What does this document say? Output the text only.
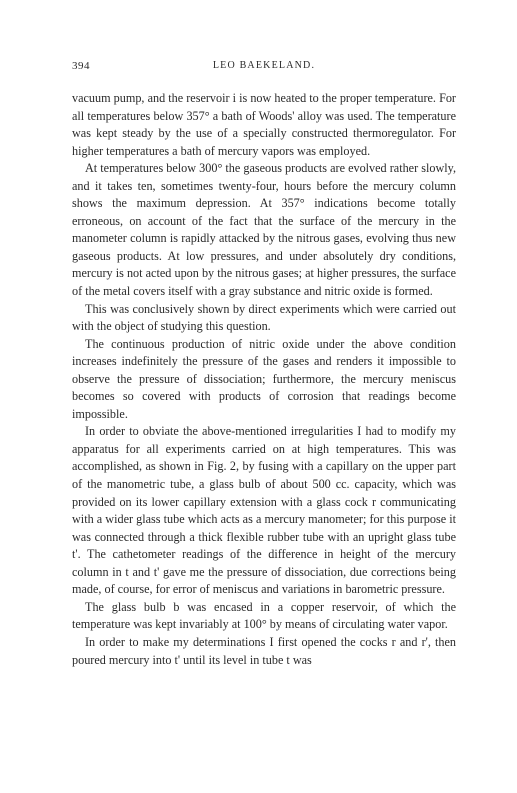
394	LEO BAEKELAND.

vacuum pump, and the reservoir i is now heated to the proper temperature. For all temperatures below 357° a bath of Woods' alloy was used. The temperature was kept steady by the use of a specially constructed thermoregulator. For higher temperatures a bath of mercury vapors was employed.

At temperatures below 300° the gaseous products are evolved rather slowly, and it takes ten, sometimes twenty-four, hours before the mercury column shows the maximum depression. At 357° indications become totally erroneous, on account of the fact that the surface of the mercury in the manometer column is rapidly attacked by the nitrous gases, evolving thus new gaseous products. At low pressures, and under absolutely dry conditions, mercury is not acted upon by the nitrous gases; at higher pressures, the surface of the metal covers itself with a gray substance and nitric oxide is formed.

This was conclusively shown by direct experiments which were carried out with the object of studying this question.

The continuous production of nitric oxide under the above condition increases indefinitely the pressure of the gases and renders it impossible to observe the pressure of dissociation; furthermore, the mercury meniscus becomes so covered with products of corrosion that readings become impossible.

In order to obviate the above-mentioned irregularities I had to modify my apparatus for all experiments carried on at high temperatures. This was accomplished, as shown in Fig. 2, by fusing with a capillary on the upper part of the manometric tube, a glass bulb of about 500 cc. capacity, which was provided on its lower capillary extension with a glass cock r communicating with a wider glass tube which acts as a mercury manometer; for this purpose it was connected through a thick flexible rubber tube with an upright glass tube t'. The cathetometer readings of the difference in height of the mercury column in t and t' gave me the pressure of dissociation, due corrections being made, of course, for error of meniscus and variations in barometric pressure.

The glass bulb b was encased in a copper reservoir, of which the temperature was kept invariably at 100° by means of circulating water vapor.

In order to make my determinations I first opened the cocks r and r', then poured mercury into t' until its level in tube t was
